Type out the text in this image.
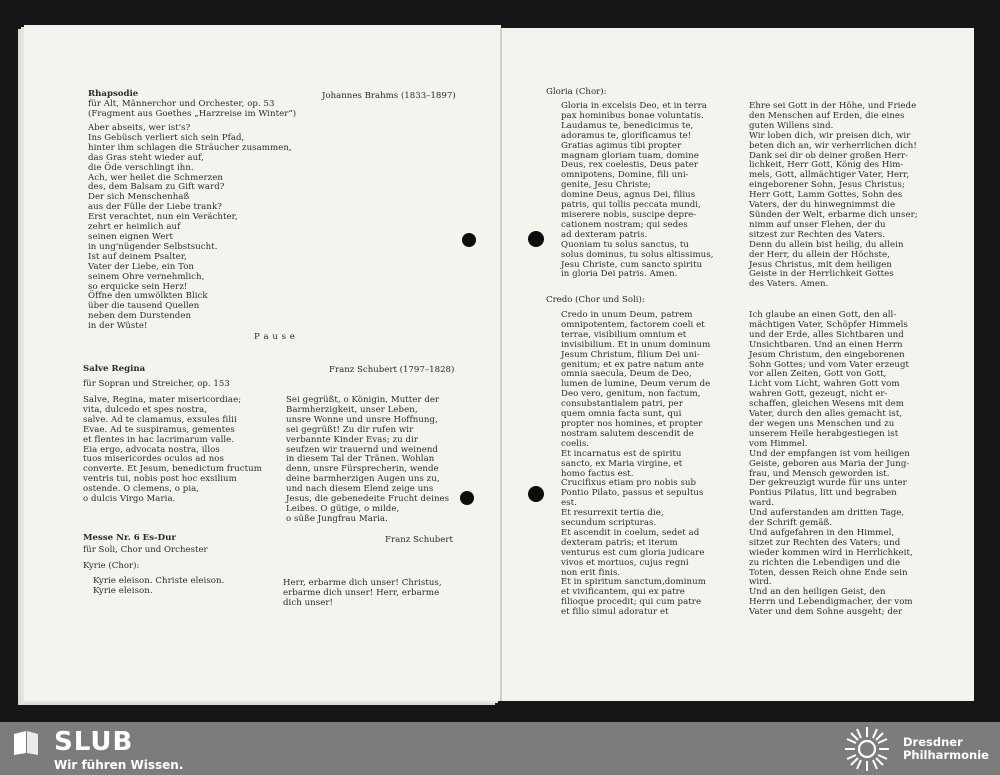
Rhapsodie	Johannes Brahms (1833–1897)
für Alt, Männerchor und Orchester, op. 53
(Fragment aus Goethes „Harzreise im Winter“)
Aber abseits, wer ist's?
Ins Gebüsch verliert sich sein Pfad,
hinter ihm schlagen die Sträucher zusammen,
das Gras steht wieder auf,
die Öde verschlingt ihn.
Ach, wer heilet die Schmerzen
des, dem Balsam zu Gift ward?
Der sich Menschenhaß
aus der Fülle der Liebe trank?
Erst verachtet, nun ein Verächter,
zehrt er heimlich auf
seinen eignen Wert
in ung'nügender Selbstsucht.
Ist auf deinem Psalter,
Vater der Liebe, ein Ton
seinem Ohre vernehmlich,
so erquicke sein Herz!
Öffne den umwölkten Blick
über die tausend Quellen
neben dem Durstenden
in der Wüste!
P a u s e
Salve Regina	Franz Schubert (1797–1828)
für Sopran und Streicher, op. 153
Salve, Regina, mater misericordiae;
vita, dulcedo et spes nostra,
salve. Ad te clamamus, exsules filii
Evae. Ad te suspiramus, gementes
et flentes in hac lacrimarum valle.
Eia ergo, advocata nostra, illos
tuos misericordes oculos ad nos
converte. Et Jesum, benedictum fructum
ventris tui, nobis post hoc exsilium
ostende. O clemens, o pia,
o dulcis Virgo Maria.
Sei gegrüßt, o Königin, Mutter der
Barmherzigkeit, unser Leben,
unsre Wonne und unsre Hoffnung,
sei gegrüßt! Zu dir rufen wir
verbannte Kinder Evas; zu dir
seufzen wir trauernd und weinend
in diesem Tal der Tränen. Wohlan
denn, unsre Fürsprecherin, wende
deine barmherzigen Augen uns zu,
und nach diesem Elend zeige uns
Jesus, die gebenedeite Frucht deines
Leibes. O gütige, o milde,
o süße Jungfrau Maria.
Messe Nr. 6 Es-Dur	Franz Schubert
für Soli, Chor und Orchester
Kyrie (Chor):
Kyrie eleison. Christe eleison.
Kyrie eleison.
Herr, erbarme dich unser! Christus,
erbarme dich unser! Herr, erbarme
dich unser!
Gloria (Chor):
Gloria in excelsis Deo, et in terra
pax hominibus bonae voluntatis.
Laudamus te, benedicimus te,
adoramus te, glorificamus te!
Gratias agimus tibi propter
magnam gloriam tuam, domine
Deus, rex coelestis, Deus pater
omnipotens, Domine, fili uni-
genite, Jesu Christe;
domine Deus, agnus Dei, filius
patris, qui tollis peccata mundi,
miserere nobis, suscipe depre-
cationem nostram; qui sedes
ad dexteram patris.
Quoniam tu solus sanctus, tu
solus dominus, tu solus altissimus,
Jesu Christe, cum sancto spiritu
in gloria Dei patris. Amen.
Ehre sei Gott in der Höhe, und Friede
den Menschen auf Erden, die eines
guten Willens sind.
Wir loben dich, wir preisen dich, wir
beten dich an, wir verherrlichen dich!
Dank sei dir ob deiner großen Herr-
lichkeit, Herr Gott, König des Him-
mels, Gott, allmächtiger Vater, Herr,
eingeborener Sohn, Jesus Christus;
Herr Gott, Lamm Gottes, Sohn des
Vaters, der du hinwegnimmst die
Sünden der Welt, erbarme dich unser;
nimm auf unser Flehen, der du
sitzest zur Rechten des Vaters.
Denn du allein bist heilig, du allein
der Herr, du allein der Höchste,
Jesus Christus, mit dem heiligen
Geiste in der Herrlichkeit Gottes
des Vaters. Amen.
Credo (Chor und Soli):
Credo in unum Deum, patrem
omnipotentem, factorem coeli et
terrae, visibilium omnium et
invisibilium. Et in unum dominum
Jesum Christum, filium Dei uni-
genitum; et ex patre natum ante
omnia saecula, Deum de Deo,
lumen de lumine, Deum verum de
Deo vero, genitum, non factum,
consubstantialem patri, per
quem omnia facta sunt, qui
propter nos homines, et propter
nostram salutem descendit de
coelis.
Et incarnatus est de spiritu
sancto, ex Maria virgine, et
homo factus est.
Crucifixus etiam pro nobis sub
Pontio Pilato, passus et sepultus
est.
Et resurrexit tertia die,
secundum scripturas.
Et ascendit in coelum, sedet ad
dexteram patris; et iterum
venturus est cum gloria judicare
vivos et mortuos, cujus regni
non erit finis.
Et in spiritum sanctum,dominum
et vivificantem, qui ex patre
filioque procedit; qui cum patre
et filio simul adoratur et
Ich glaube an einen Gott, den all-
mächtigen Vater, Schöpfer Himmels
und der Erde, alles Sichtbaren und
Unsichtbaren. Und an einen Herrn
Jesum Christum, den eingeborenen
Sohn Gottes; und vom Vater erzeugt
vor allen Zeiten, Gott von Gott,
Licht vom Licht, wahren Gott vom
wahren Gott, gezeugt, nicht er-
schaffen, gleichen Wesens mit dem
Vater, durch den alles gemacht ist,
der wegen uns Menschen und zu
unserem Heile herabgestiegen ist
vom Himmel.
Und der empfangen ist vom heiligen
Geiste, geboren aus Maria der Jung-
frau, und Mensch geworden ist.
Der gekreuzigt wurde für uns unter
Pontius Pilatus, litt und begraben
ward.
Und auferstanden am dritten Tage,
der Schrift gemäß.
Und aufgefahren in den Himmel,
sitzet zur Rechten des Vaters; und
wieder kommen wird in Herrlichkeit,
zu richten die Lebendigen und die
Toten, dessen Reich ohne Ende sein
wird.
Und an den heiligen Geist, den
Herrn und Lebendigmacher, der vom
Vater und dem Sohne ausgeht; der
SLUB
Wir führen Wissen.
Dresdner
Philharmonie
